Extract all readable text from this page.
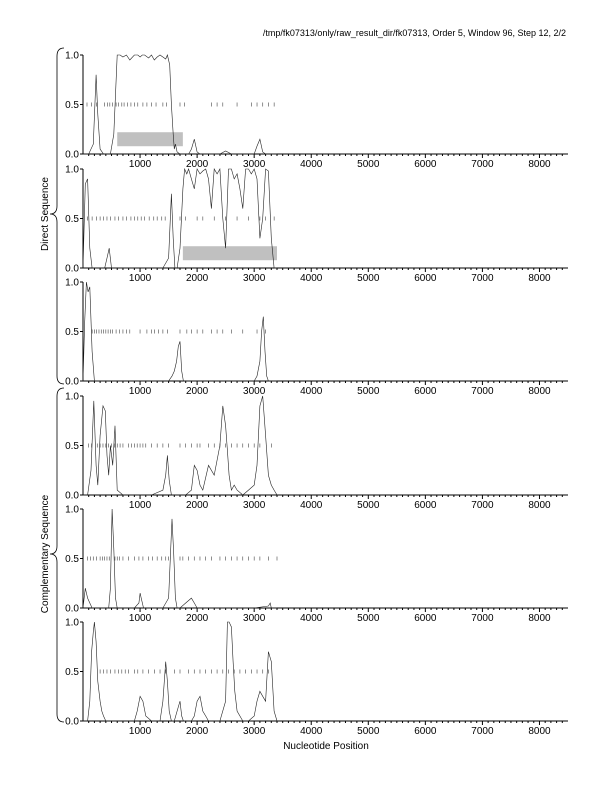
/tmp/fk07313/only/raw_result_dir/fk07313, Order 5, Window 96, Step 12, 2/2
0.0
0.5
1.0
1000	2000	3000	4000	5000	6000	7000	8000
0.0
0.5
1.0
1000	2000	3000	4000	5000	6000	7000	8000
0.0
0.5
1.0
1000	2000	3000	4000	5000	6000	7000	8000
0.0
0.5
1.0
1000	2000	3000	4000	5000	6000	7000	8000
0.0
0.5
1.0
1000	2000	3000	4000	5000	6000	7000	8000
0.0
0.5
1.0
1000	2000	3000	4000	5000	6000	7000	8000
Direct Sequence
Complementary Sequence
Nucleotide Position
